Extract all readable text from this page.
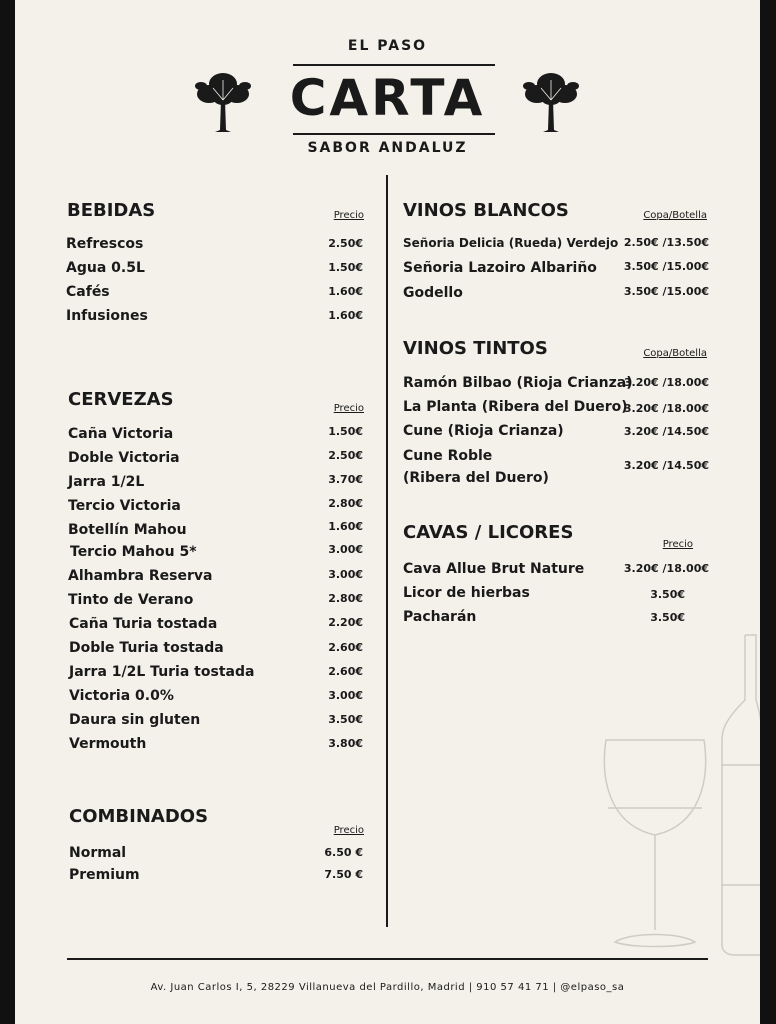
EL PASO
CARTA
SABOR ANDALUZ
BEBIDAS	Precio
Refrescos	2.50€
Agua 0.5L	1.50€
Cafés	1.60€
Infusiones	1.60€
CERVEZAS	Precio
Caña Victoria	1.50€
Doble Victoria	2.50€
Jarra 1/2L	3.70€
Tercio Victoria	2.80€
Botellín Mahou	1.60€
Tercio Mahou 5*	3.00€
Alhambra Reserva	3.00€
Tinto de Verano	2.80€
Caña Turia tostada	2.20€
Doble Turia tostada	2.60€
Jarra 1/2L Turia tostada	2.60€
Victoria 0.0%	3.00€
Daura sin gluten	3.50€
Vermouth	3.80€
COMBINADOS
Precio
Normal	6.50 €
Premium	7.50 €
VINOS BLANCOS	Copa/Botella
Señoria Delicia (Rueda) Verdejo 2.50€ /13.50€
Señoria Lazoiro Albariño 3.50€ /15.00€
Godello	3.50€ /15.00€
VINOS TINTOS	Copa/Botella
Ramón Bilbao (Rioja Crianza)
3.20€ /18.00€
La Planta (Ribera del Duero)
3.20€ /18.00€
Cune (Rioja Crianza)	3.20€ /14.50€
Cune Roble
(Ribera del Duero)
3.20€ /14.50€
CAVAS / LICORES
Precio
Cava Allue Brut Nature	3.20€ /18.00€
Licor de hierbas	3.50€
Pacharán	3.50€
Av. Juan Carlos I, 5, 28229 Villanueva del Pardillo, Madrid | 910 57 41 71 | @elpaso_sa
